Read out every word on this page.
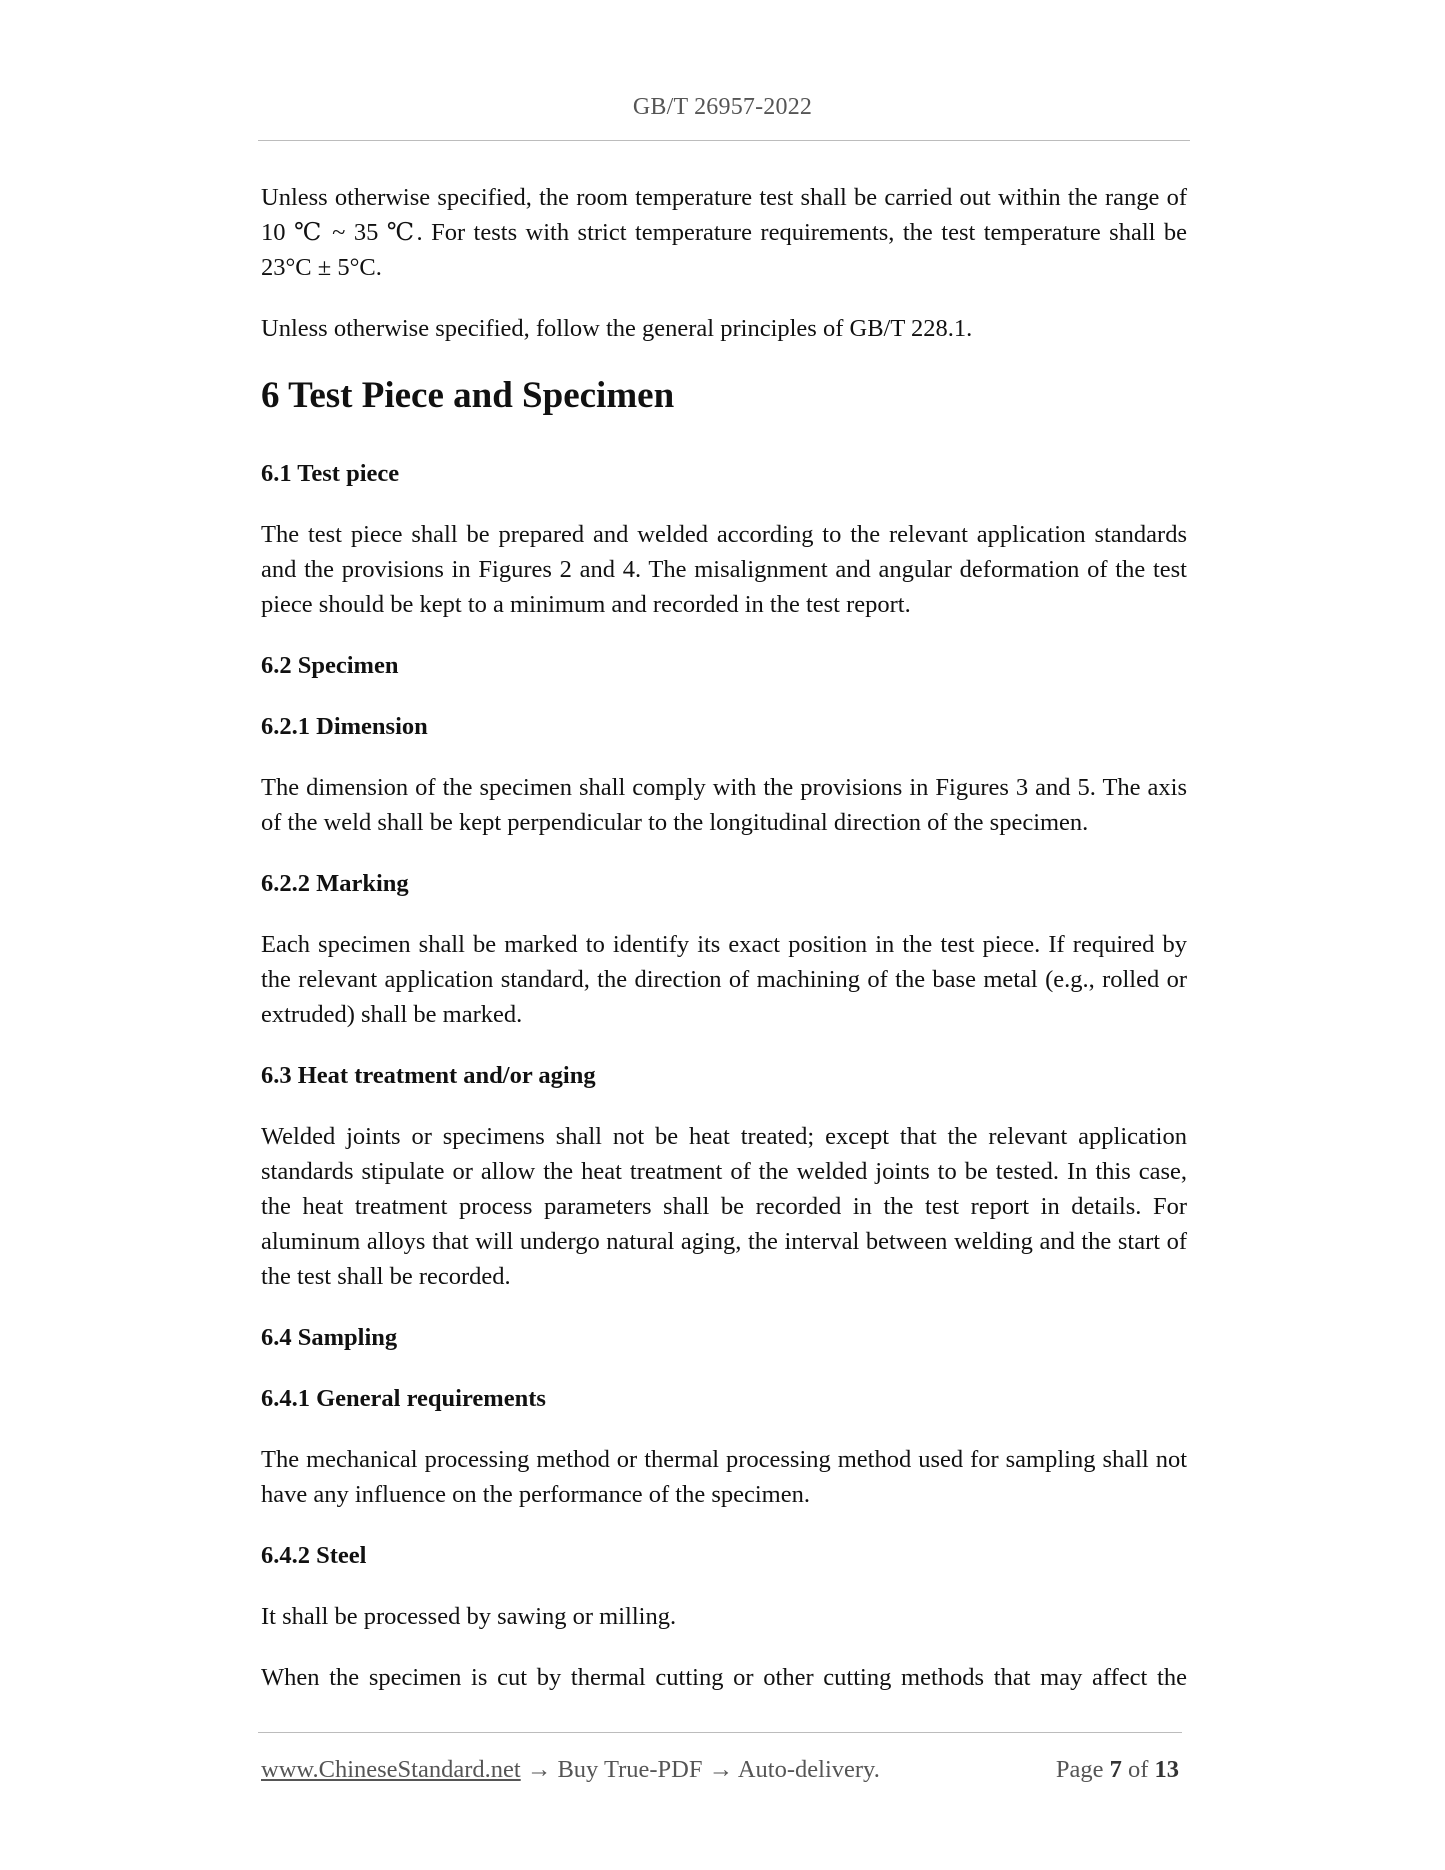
GB/T 26957-2022

Unless otherwise specified, the room temperature test shall be carried out within the range of 10 ℃ ~ 35 ℃. For tests with strict temperature requirements, the test temperature shall be 23°C ± 5°C.

Unless otherwise specified, follow the general principles of GB/T 228.1.

6 Test Piece and Specimen
6.1 Test piece

The test piece shall be prepared and welded according to the relevant application standards and the provisions in Figures 2 and 4. The misalignment and angular deformation of the test piece should be kept to a minimum and recorded in the test report.

6.2 Specimen
6.2.1 Dimension

The dimension of the specimen shall comply with the provisions in Figures 3 and 5. The axis of the weld shall be kept perpendicular to the longitudinal direction of the specimen.

6.2.2 Marking

Each specimen shall be marked to identify its exact position in the test piece. If required by the relevant application standard, the direction of machining of the base metal (e.g., rolled or extruded) shall be marked.

6.3 Heat treatment and/or aging

Welded joints or specimens shall not be heat treated; except that the relevant application standards stipulate or allow the heat treatment of the welded joints to be tested. In this case, the heat treatment process parameters shall be recorded in the test report in details. For aluminum alloys that will undergo natural aging, the interval between welding and the start of the test shall be recorded.

6.4 Sampling
6.4.1 General requirements

The mechanical processing method or thermal processing method used for sampling shall not have any influence on the performance of the specimen.

6.4.2 Steel

It shall be processed by sawing or milling.

When the specimen is cut by thermal cutting or other cutting methods that may affect the

www.ChineseStandard.net → Buy True-PDF → Auto-delivery.	Page 7 of 13
